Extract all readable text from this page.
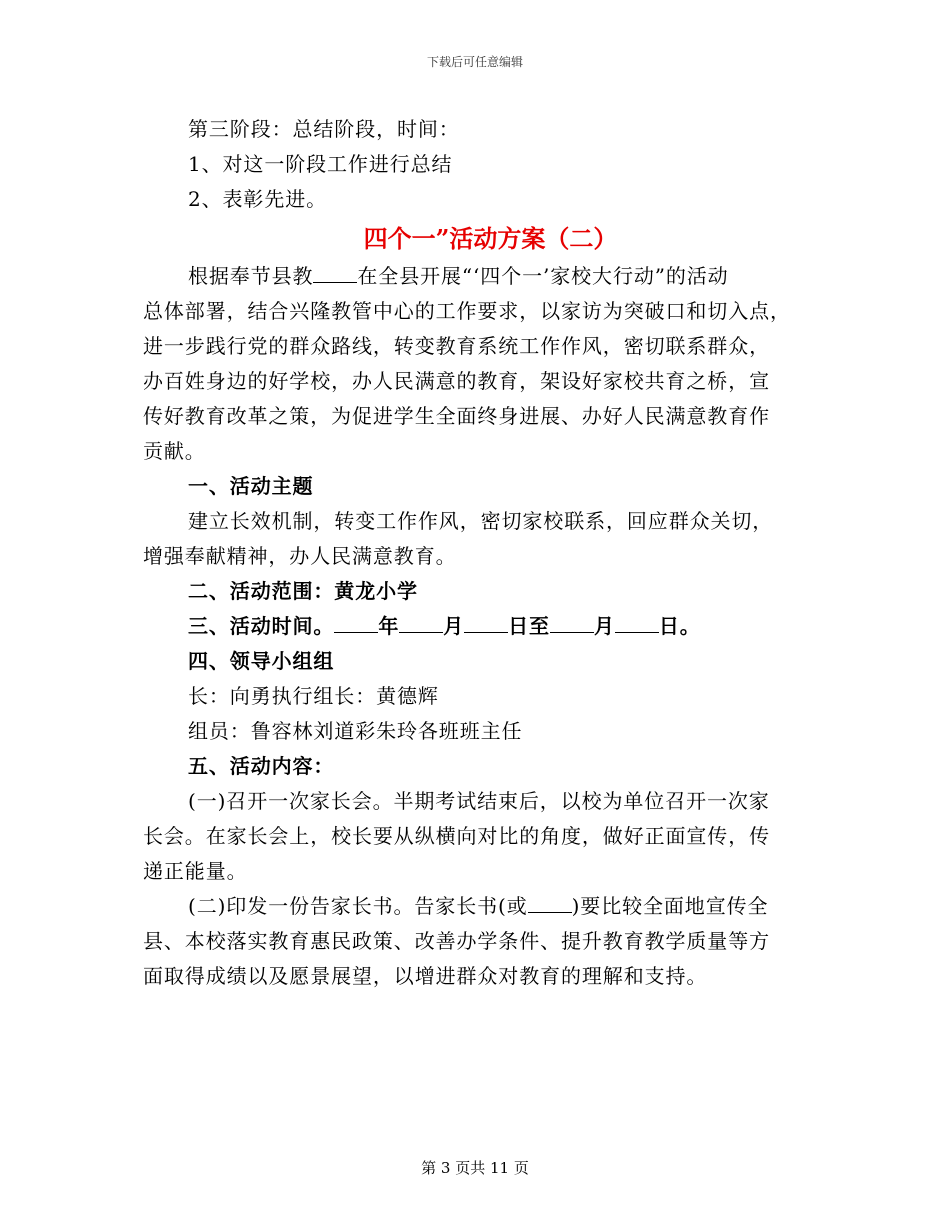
下载后可任意编辑
第三阶段：总结阶段，时间：
1、对这一阶段工作进行总结
2、表彰先进。
四个一”活动方案（二）
根据奉节县教 在全县开展“‘四个一’家校大行动”的活动
总体部署，结合兴隆教管中心的工作要求，以家访为突破口和切入点，
进一步践行党的群众路线，转变教育系统工作作风，密切联系群众，
办百姓身边的好学校，办人民满意的教育，架设好家校共育之桥，宣
传好教育改革之策，为促进学生全面终身进展、办好人民满意教育作
贡献。
一、活动主题
建立长效机制，转变工作作风，密切家校联系，回应群众关切，
增强奉献精神，办人民满意教育。
二、活动范围：黄龙小学
三、活动时间。 年 月 日至 月 日。
四、领导小组组
长：向勇执行组长：黄德辉
组员：鲁容林刘道彩朱玲各班班主任
五、活动内容：
(一)召开一次家长会。半期考试结束后，以校为单位召开一次家
长会。在家长会上，校长要从纵横向对比的角度，做好正面宣传，传
递正能量。
(二)印发一份告家长书。告家长书(或 )要比较全面地宣传全
县、本校落实教育惠民政策、改善办学条件、提升教育教学质量等方
面取得成绩以及愿景展望，以增进群众对教育的理解和支持。
第 3 页共 11 页
